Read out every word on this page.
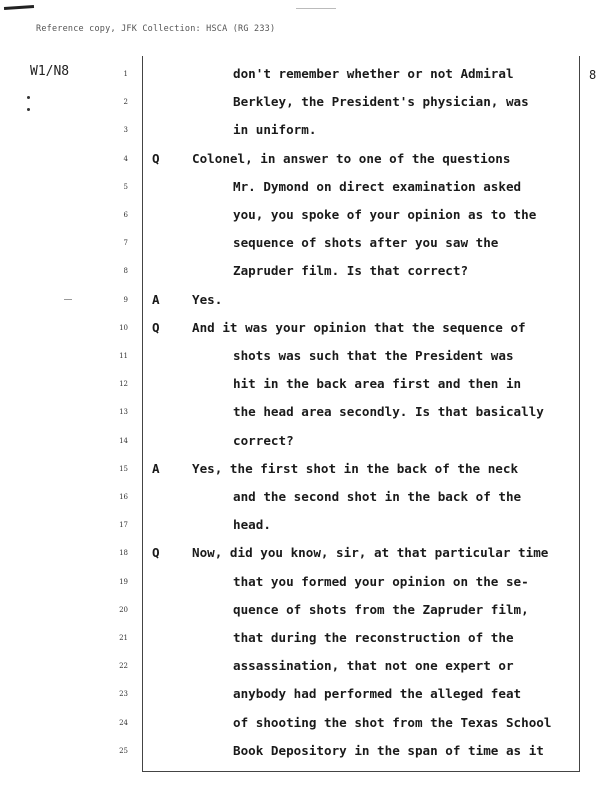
Reference copy, JFK Collection: HSCA (RG 233)
W1/N8	8
1	don't remember whether or not Admiral
2	Berkley, the President's physician, was
3	in uniform.
4 Q	Colonel, in answer to one of the questions
5	Mr. Dymond on direct examination asked
6	you, you spoke of your opinion as to the
7	sequence of shots after you saw the
8	Zapruder film. Is that correct?
9 A	Yes.
10 Q	And it was your opinion that the sequence of
11	shots was such that the President was
12	hit in the back area first and then in
13	the head area secondly. Is that basically
14	correct?
15 A	Yes, the first shot in the back of the neck
16	and the second shot in the back of the
17	head.
18 Q	Now, did you know, sir, at that particular time
19	that you formed your opinion on the se-
20	quence of shots from the Zapruder film,
21	that during the reconstruction of the
22	assassination, that not one expert or
23	anybody had performed the alleged feat
24	of shooting the shot from the Texas School
25	Book Depository in the span of time as it
